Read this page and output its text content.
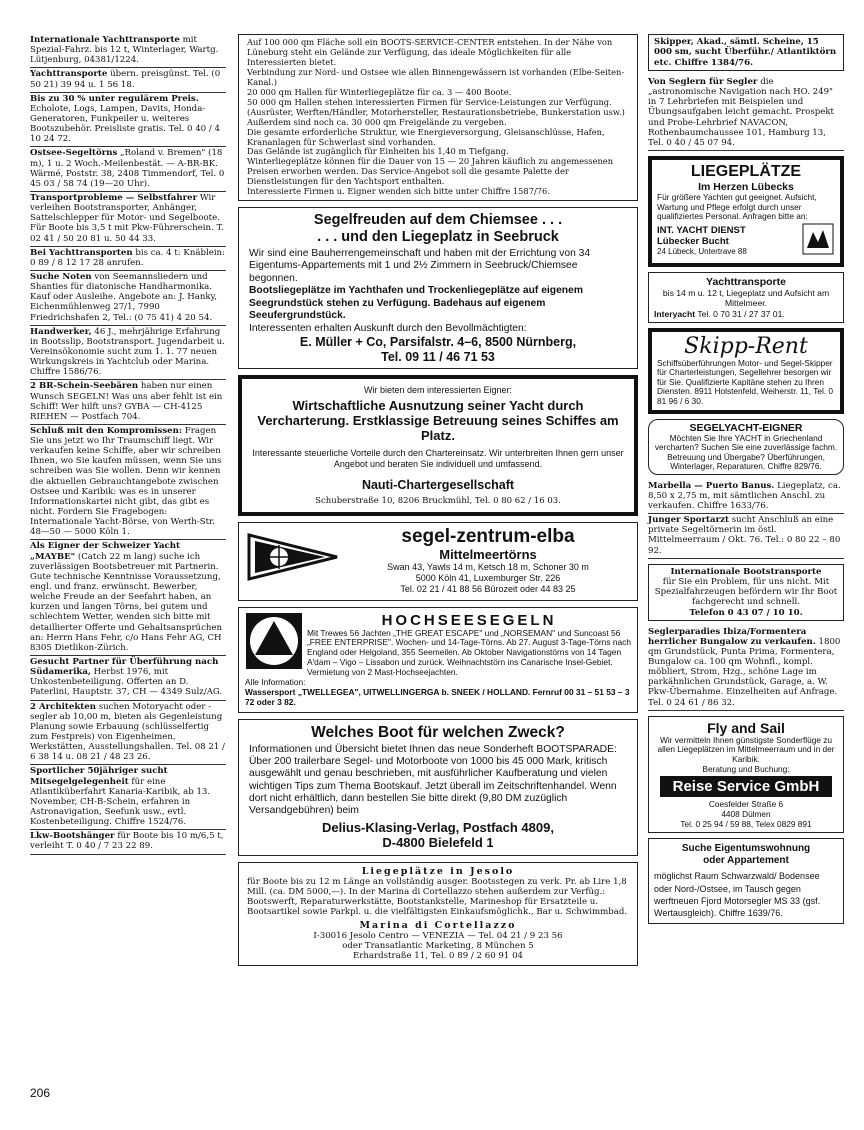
Internationale Yachttransporte mit Spezial-Fahrz. bis 12 t, Winterlager, Wartg. Lütjenburg, 04381/1224.
Yachttransporte übern. preisgünst. Tel. (0 50 21) 39 94 u. 1 56 18.
Bis zu 30 % unter regulärem Preis. Echolote, Logs, Lampen, Davits, Honda-Generatoren, Funkpeiler u. weiteres Bootszubehör. Preisliste gratis. Tel. 0 40 / 4 10 24 72.
Ostsee-Segeltörns „Roland v. Bremen" (18 m), 1 u. 2 Woch.-Meilenbestät. — A-BR-BK. Wärmé, Poststr. 38, 2408 Timmendorf, Tel. 0 45 03 / 58 74 (19—20 Uhr).
Transportprobleme — Selbstfahrer Wir verleihen Bootstransporter, Anhänger, Sattelschlepper für Motor- und Segelboote. Für Boote bis 3,5 t mit Pkw-Führerschein. T. 02 41 / 50 20 81 u. 50 44 33.
Bei Yachttransporten bis ca. 4 t: Knäblein: 0 89 / 8 12 17 28 anrufen.
Suche Noten von Seemannsliedern und Shanties für diatonische Handharmonika. Kauf oder Ausleihe. Angebote an: J. Hanky, Eichenmühlenweg 27/1, 7990 Friedrichshafen 2, Tel.: (0 75 41) 4 20 54.
Handwerker, 46 J., mehrjährige Erfahrung in Bootsslip, Bootstransport. Jugendarbeit u. Vereinsökonomie sucht zum 1. 1. 77 neuen Wirkungskreis in Yachtclub oder Marina. Chiffre 1586/76.
2 BR-Schein-Seebären haben nur einen Wunsch SEGELN! Was uns aber fehlt ist ein Schiff! Wer hilft uns? GYBA — CH-4125 RIEHEN — Postfach 704.
Schluß mit den Kompromissen: Fragen Sie uns jetzt wo Ihr Traumschiff liegt. Wir verkaufen keine Schiffe, aber wir schreiben Ihnen, wo Sie kaufen müssen, wenn Sie uns schreiben was Sie wollen. Denn wir kennen die aktuellen Gebrauchtangebote zwischen Ostsee und Karibik: was es in unserer Informationskartei nicht gibt, das gibt es nicht. Fordern Sie Fragebogen: Internationale Yacht-Börse, von Werth-Str. 48—50 — 5000 Köln 1.
Als Eigner der Schweizer Yacht „MAYBE" (Catch 22 m lang) suche ich zuverlässigen Bootsbetreuer mit Partnerin. Gute technische Kenntnisse Voraussetzung, engl. und franz. erwünscht. Bewerber, welche Freude an der Seefahrt haben, an kurzen und langen Törns, bei gutem und schlechtem Wetter, wenden sich bitte mit detaillierter Offerte und Gehaltsansprüchen an: Herrn Hans Fehr, c/o Hans Fehr AG, CH 8305 Dietlikon-Zürich.
Gesucht Partner für Überführung nach Südamerika, Herbst 1976, mit Unkostenbeteiligung. Offerten an D. Paterlini, Hauptstr. 37, CH — 4349 Sulz/AG.
2 Architekten suchen Motoryacht oder -segler ab 10,00 m, bieten als Gegenleistung Planung sowie Erbauung (schlüsselfertig zum Festpreis) von Eigenheimen, Werkstätten, Ausstellungshallen. Tel. 08 21 / 6 38 14 u. 08 21 / 48 23 26.
Sportlicher 50jähriger sucht Mitsegelgelegenheit für eine Atlantiküberfahrt Kanaria-Karibik, ab 13. November, CH-B-Schein, erfahren in Astronavigation, Seefunk usw., evtl. Kostenbeteiligung. Chiffre 1524/76.
Lkw-Bootshänger für Boote bis 10 m/6,5 t, verleiht T. 0 40 / 7 23 22 89.

Auf 100 000 qm Fläche soll ein BOOTS-SERVICE-CENTER entstehen. In der Nähe von Lüneburg steht ein Gelände zur Verfügung, das ideale Möglichkeiten für alle Interessierten bietet.

Verbindung zur Nord- und Ostsee wie allen Binnengewässern ist vorhanden (Elbe-Seiten-Kanal.)

20 000 qm Hallen für Winterliegeplätze für ca. 3 — 400 Boote.

50 000 qm Hallen stehen interessierten Firmen für Service-Leistungen zur Verfügung.

(Ausrüster, Werften/Händler, Motorhersteller, Restaurationsbetriebe, Bunkerstation usw.)

Außerdem sind noch ca. 30 000 qm Freigelände zu vergeben.

Die gesamte erforderliche Struktur, wie Energieversorgung, Gleisanschlüsse, Hafen, Krananlagen für Schwerlast sind vorhanden.

Das Gelände ist zugänglich für Einheiten bis 1,40 m Tiefgang.

Winterliegeplätze können für die Dauer von 15 — 20 Jahren käuflich zu angemessenen Preisen erworben werden. Das Service-Angebot soll die gesamte Palette der Dienstleistungen für den Yachtsport enthalten.

Interessierte Firmen u. Eigner wenden sich bitte unter Chiffre 1587/76.

Segelfreuden auf dem Chiemsee . . .
. . . und den Liegeplatz in Seebruck

Wir sind eine Bauherrengemeinschaft und haben mit der Errichtung von 34 Eigentums-Appartements mit 1 und 2½ Zimmern in Seebruck/Chiemsee begonnen.

Bootsliegeplätze im Yachthafen und Trockenliegeplätze auf eigenem Seegrundstück stehen zu Verfügung. Badehaus auf eigenem Seeufergrundstück.

Interessenten erhalten Auskunft durch den Bevollmächtigten:

E. Müller + Co, Parsifalstr. 4–6, 8500 Nürnberg,
Tel. 09 11 / 46 71 53
Wir bieten dem interessierten Eigner:
Wirtschaftliche Ausnutzung seiner Yacht durch Vercharterung. Erstklassige Betreuung seines Schiffes am Platz.
Interessante steuerliche Vorteile durch den Chartereinsatz. Wir unterbreiten Ihnen gern unser Angebot und beraten Sie individuell und umfassend.
Nauti-Chartergesellschaft
Schuberstraße 10, 8206 Bruckmühl, Tel. 0 80 62 / 16 03.
segel-zentrum-elba
Mittelmeertörns
Swan 43, Yawls 14 m, Ketsch 18 m, Schoner 30 m
5000 Köln 41, Luxemburger Str. 226
Tel. 02 21 / 41 88 56 Bürozeit oder 44 83 25
HOCHSEESEGELN
Mit Trewes 56 Jachten „THE GREAT ESCAPE" und „NORSEMAN" und Suncoast 56 „FREE ENTERPRISE". Wochen- und 14-Tage-Törns. Ab 27. August 3-Tage-Törns nach England oder Helgoland, 355 Seemeilen. Ab Oktober Navigationstörns von 14 Tagen A'dam – Vigo – Lissabon und zurück. Weihnachtstörn ins Canarische Insel-Gebiet. Vermietung von 2 Mast-Hochseejachten.
Alle Information:
Wassersport „TWELLEGEA", UITWELLINGERGA b. SNEEK / HOLLAND. Fernruf 00 31 – 51 53 – 3 72 oder 3 82.
Welches Boot für welchen Zweck?
Informationen und Übersicht bietet Ihnen das neue Sonderheft BOOTSPARADE: Über 200 trailerbare Segel- und Motorboote von 1000 bis 45 000 Mark, kritisch ausgewählt und genau beschrieben, mit ausführlicher Kaufberatung und vielen wichtigen Tips zum Thema Bootskauf. Jetzt überall im Zeitschriftenhandel. Wenn dort nicht erhältlich, dann bestellen Sie bitte direkt (9,80 DM zuzüglich Versandgebühren) beim
Delius-Klasing-Verlag, Postfach 4809,
D-4800 Bielefeld 1
Liegeplätze in Jesolo
für Boote bis zu 12 m Länge an vollständig ausger. Bootsstegen zu verk. Pr. ab Lire 1,8 Mill. (ca. DM 5000,—). In der Marina di Cortellazzo stehen außerdem zur Verfüg.: Bootswerft, Reparaturwerkstätte, Bootstankstelle, Marineshop für Ersatzteile u. Bootsartikel sowie Parkpl. u. die vielfältigsten Einkaufsmöglichk., Bar u. Schwimmbad.
Marina di Cortellazzo
I-30016 Jesolo Centro — VENEZIA — Tel. 04 21 / 9 23 56
oder Transatlantic Marketing, 8 München 5
Erhardstraße 11, Tel. 0 89 / 2 60 91 04
Skipper, Akad., sämtl. Scheine, 15 000 sm, sucht Überführ./ Atlantiktörn etc. Chiffre 1384/76.
Von Seglern für Segler die „astronomische Navigation nach HO. 249" in 7 Lehrbriefen mit Beispielen und Übungsaufgaben leicht gemacht. Prospekt und Probe-Lehrbrief NAVACON, Rothenbaumchaussee 101, Hamburg 13, Tel. 0 40 / 45 07 94.
LIEGEPLÄTZE
Im Herzen Lübecks
Für größere Yachten gut geeignet. Aufsicht, Wartung und Pflege erfolgt durch unser qualifiziertes Personal. Anfragen bitte an:
INT. YACHT DIENST
Lübecker Bucht
24 Lübeck, Untertrave 88
Yachttransporte
bis 14 m u. 12 t, Liegeplatz und Aufsicht am Mittelmeer.
Interyacht Tel. 0 70 31 / 27 37 01.
Skipp-Rent
Schiffsüberführungen Motor- und Segel-Skipper für Charterleistungen, Segellehrer besorgen wir für Sie. Qualifizierte Kapitäne stehen zu Ihren Diensten. 8911 Holstenfeld, Weiherstr. 11, Tel. 0 81 96 / 6 30.
SEGELYACHT-EIGNER
Möchten Sie Ihre YACHT in Griechenland vercharten? Suchen Sie eine zuverlässige fachm. Betreuung und Übergabe? Überführungen, Winterlager, Reparaturen. Chiffre 829/76.
Marbella — Puerto Banus. Liegeplatz, ca. 8,50 x 2,75 m, mit sämtlichen Anschl. zu verkaufen. Chiffre 1633/76.
Junger Sportarzt sucht Anschluß an eine private Segeltörnerin im östl. Mittelmeerraum / Okt. 76. Tel.: 0 80 22 – 80 92.
Internationale Bootstransporte
für Sie ein Problem, für uns nicht. Mit Spezialfahrzeugen befördern wir Ihr Boot fachgerecht und schnell.
Telefon 0 43 07 / 10 10.
Seglerparadies Ibiza/Formentera herrlicher Bungalow zu verkaufen. 1800 qm Grundstück, Punta Prima, Formentera, Bungalow ca. 100 qm Wohnfl., kompl. möbliert, Strom, Hzg., schöne Lage im parkähnlichen Grundstück, Garage, a. W. Pkw-Übernahme. Einzelheiten auf Anfrage. Tel. 0 24 61 / 86 32.
Fly and Sail
Wir vermitteln Ihnen günstigste Sonderflüge zu allen Liegeplätzen im Mittelmeerraum und in der Karibik.
Beratung und Buchung:
Reise Service GmbH
Coesfelder Straße 6
4408 Dülmen
Tel. 0 25 94 / 59 88, Telex 0829 891
Suche Eigentumswohnung
oder Appartement
möglichst Raum Schwarzwald/ Bodensee oder Nord-/Ostsee, im Tausch gegen werftneuen Fjord Motorsegler MS 33 (gsf. Wertausgleich). Chiffre 1639/76.
206
